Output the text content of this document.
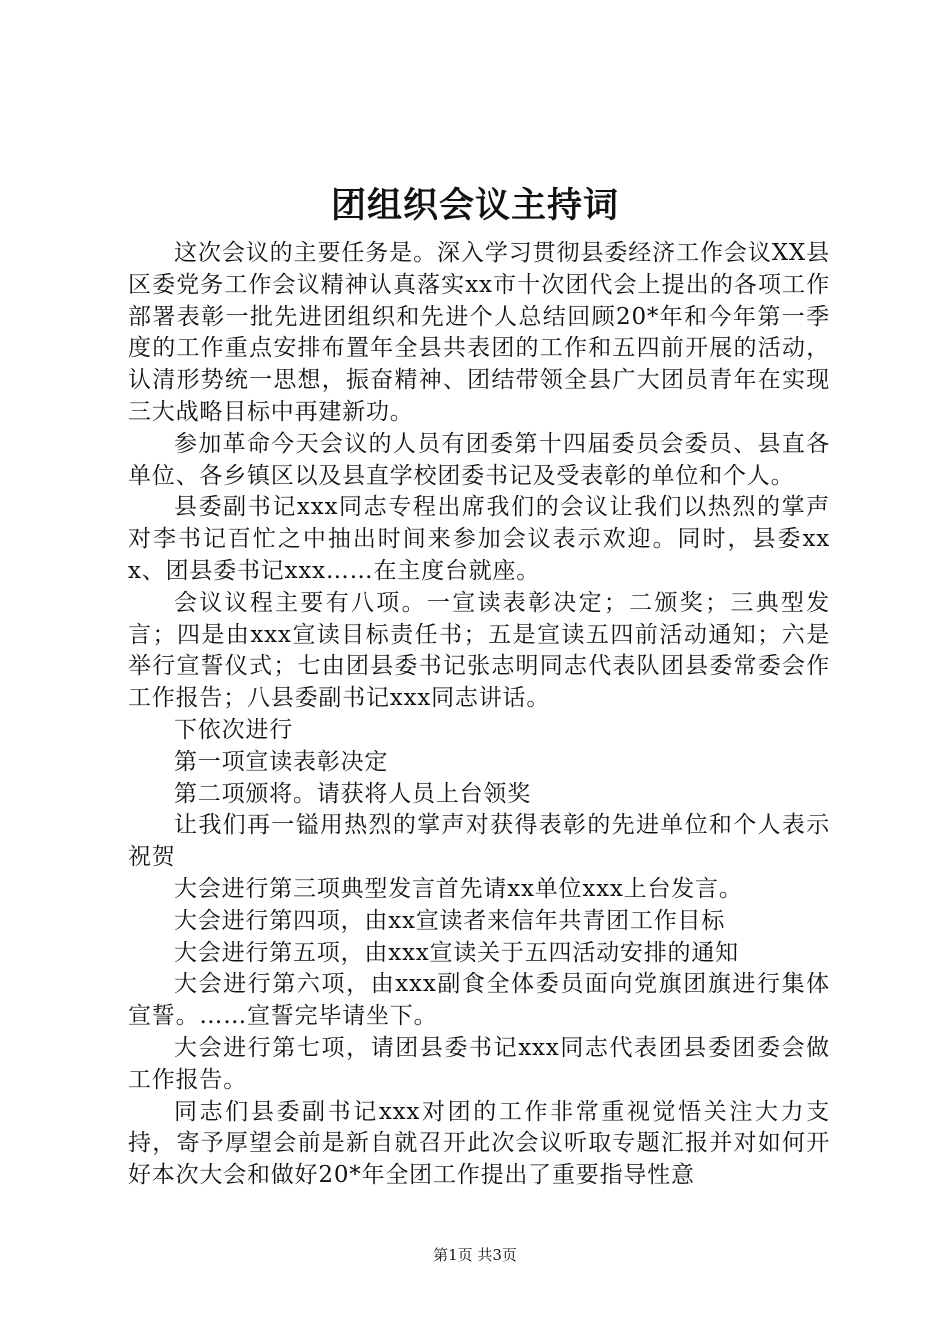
团组织会议主持词

这次会议的主要任务是。深入学习贯彻县委经济工作会议XX县区委党务工作会议精神认真落实xx市十次团代会上提出的各项工作部署表彰一批先进团组织和先进个人总结回顾20*年和今年第一季度的工作重点安排布置年全县共表团的工作和五四前开展的活动，认清形势统一思想，振奋精神、团结带领全县广大团员青年在实现三大战略目标中再建新功。

参加革命今天会议的人员有团委第十四届委员会委员、县直各单位、各乡镇区以及县直学校团委书记及受表彰的单位和个人。

县委副书记xxx同志专程出席我们的会议让我们以热烈的掌声对李书记百忙之中抽出时间来参加会议表示欢迎。同时，县委xxx、团县委书记xxx……在主度台就座。

会议议程主要有八项。一宣读表彰决定；二颁奖；三典型发言；四是由xxx宣读目标责任书；五是宣读五四前活动通知；六是举行宣誓仪式；七由团县委书记张志明同志代表队团县委常委会作工作报告；八县委副书记xxx同志讲话。

下依次进行

第一项宣读表彰决定

第二项颁将。请获将人员上台领奖

让我们再一镒用热烈的掌声对获得表彰的先进单位和个人表示祝贺

大会进行第三项典型发言首先请xx单位xxx上台发言。

大会进行第四项，由xx宣读者来信年共青团工作目标

大会进行第五项，由xxx宣读关于五四活动安排的通知

大会进行第六项，由xxx副食全体委员面向党旗团旗进行集体宣誓。……宣誓完毕请坐下。

大会进行第七项，请团县委书记xxx同志代表团县委团委会做工作报告。

同志们县委副书记xxx对团的工作非常重视觉悟关注大力支持，寄予厚望会前是新自就召开此次会议听取专题汇报并对如何开好本次大会和做好20*年全团工作提出了重要指导性意

第1页 共3页
